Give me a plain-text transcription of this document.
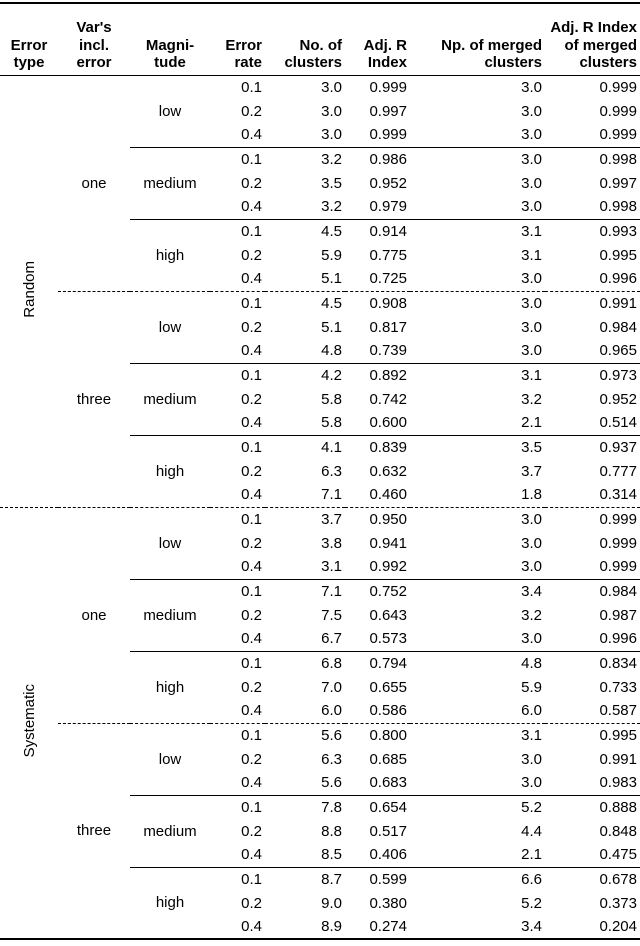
Error
type

Var's incl.
error

Magni-
tude

Error
rate

No. of
clusters

Adj. R
Index

Np. of merged
clusters

Adj. R Index
of merged
clusters

Random	one	low	0.1	3.0	0.999	3.0	0.999
			0.2	3.0	0.997	3.0	0.999
			0.4	3.0	0.999	3.0	0.999
		medium	0.1	3.2	0.986	3.0	0.998
			0.2	3.5	0.952	3.0	0.997
			0.4	3.2	0.979	3.0	0.998
		high	0.1	4.5	0.914	3.1	0.993
			0.2	5.9	0.775	3.1	0.995
			0.4	5.1	0.725	3.0	0.996
	three	low	0.1	4.5	0.908	3.0	0.991
			0.2	5.1	0.817	3.0	0.984
			0.4	4.8	0.739	3.0	0.965
		medium	0.1	4.2	0.892	3.1	0.973
			0.2	5.8	0.742	3.2	0.952
			0.4	5.8	0.600	2.1	0.514
		high	0.1	4.1	0.839	3.5	0.937
			0.2	6.3	0.632	3.7	0.777
			0.4	7.1	0.460	1.8	0.314
Systematic	one	low	0.1	3.7	0.950	3.0	0.999
			0.2	3.8	0.941	3.0	0.999
			0.4	3.1	0.992	3.0	0.999
		medium	0.1	7.1	0.752	3.4	0.984
			0.2	7.5	0.643	3.2	0.987
			0.4	6.7	0.573	3.0	0.996
		high	0.1	6.8	0.794	4.8	0.834
			0.2	7.0	0.655	5.9	0.733
			0.4	6.0	0.586	6.0	0.587
	three	low	0.1	5.6	0.800	3.1	0.995
			0.2	6.3	0.685	3.0	0.991
			0.4	5.6	0.683	3.0	0.983
		medium	0.1	7.8	0.654	5.2	0.888
			0.2	8.8	0.517	4.4	0.848
			0.4	8.5	0.406	2.1	0.475
		high	0.1	8.7	0.599	6.6	0.678
			0.2	9.0	0.380	5.2	0.373
			0.4	8.9	0.274	3.4	0.204
